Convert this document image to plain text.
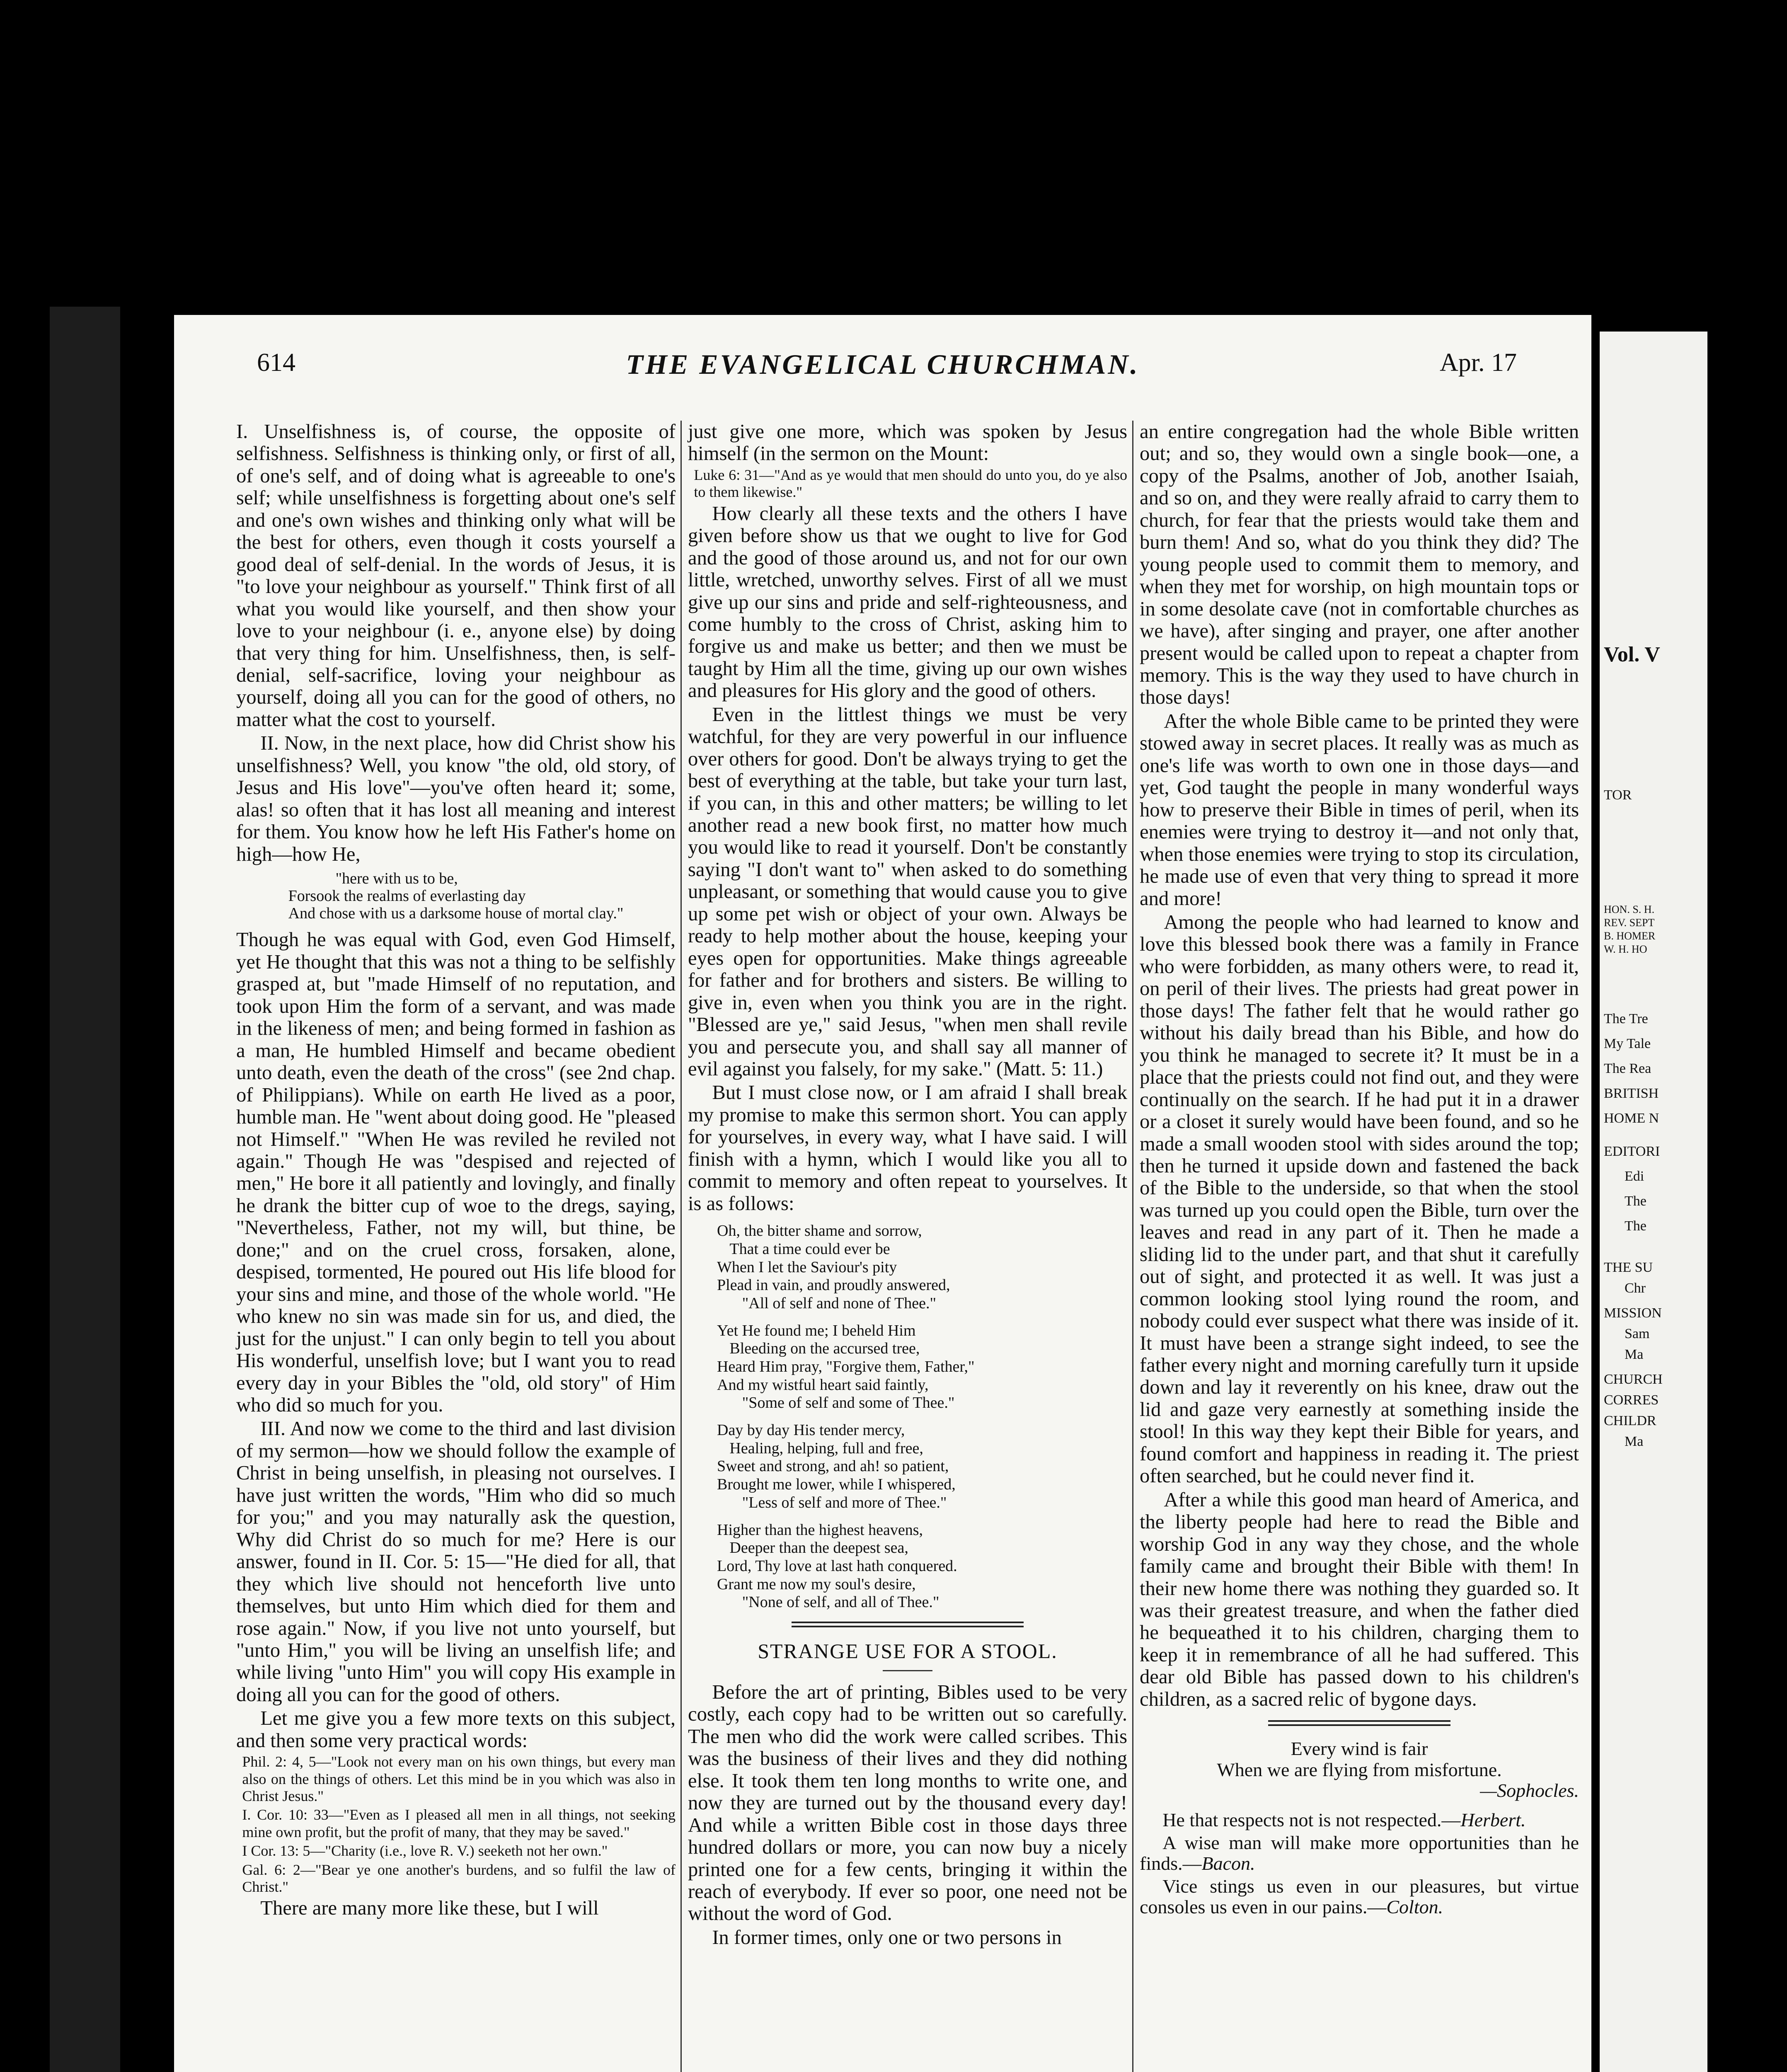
614	THE EVANGELICAL CHURCHMAN.	Apr. 17

I. Unselfishness is, of course, the opposite of selfishness. Selfishness is thinking only, or first of all, of one's self, and of doing what is agreeable to one's self; while unselfishness is forgetting about one's self and one's own wishes and thinking only what will be the best for others, even though it costs yourself a good deal of self-denial. In the words of Jesus, it is "to love your neighbour as yourself." Think first of all what you would like yourself, and then show your love to your neighbour (i. e., anyone else) by doing that very thing for him. Unselfishness, then, is self-denial, self-sacrifice, loving your neighbour as yourself, doing all you can for the good of others, no matter what the cost to yourself.

II. Now, in the next place, how did Christ show his unselfishness? Well, you know "the old, old story, of Jesus and His love"—you've often heard it; some, alas! so often that it has lost all meaning and interest for them. You know how he left His Father's home on high—how He,

"here with us to be,
Forsook the realms of everlasting day
And chose with us a darksome house of mortal clay."

Though he was equal with God, even God Himself, yet He thought that this was not a thing to be selfishly grasped at, but "made Himself of no reputation, and took upon Him the form of a servant, and was made in the likeness of men; and being formed in fashion as a man, He humbled Himself and became obedient unto death, even the death of the cross" (see 2nd chap. of Philippians). While on earth He lived as a poor, humble man. He "went about doing good. He "pleased not Himself." "When He was reviled he reviled not again." Though He was "despised and rejected of men," He bore it all patiently and lovingly, and finally he drank the bitter cup of woe to the dregs, saying, "Nevertheless, Father, not my will, but thine, be done;" and on the cruel cross, forsaken, alone, despised, tormented, He poured out His life blood for your sins and mine, and those of the whole world. "He who knew no sin was made sin for us, and died, the just for the unjust." I can only begin to tell you about His wonderful, unselfish love; but I want you to read every day in your Bibles the "old, old story" of Him who did so much for you.

III. And now we come to the third and last division of my sermon—how we should follow the example of Christ in being unselfish, in pleasing not ourselves. I have just written the words, "Him who did so much for you;" and you may naturally ask the question, Why did Christ do so much for me? Here is our answer, found in II. Cor. 5: 15—"He died for all, that they which live should not henceforth live unto themselves, but unto Him which died for them and rose again." Now, if you live not unto yourself, but "unto Him," you will be living an unselfish life; and while living "unto Him" you will copy His example in doing all you can for the good of others.

Let me give you a few more texts on this subject, and then some very practical words:

Phil. 2: 4, 5—"Look not every man on his own things, but every man also on the things of others. Let this mind be in you which was also in Christ Jesus."

I. Cor. 10: 33—"Even as I pleased all men in all things, not seeking mine own profit, but the profit of many, that they may be saved."

I Cor. 13: 5—"Charity (i.e., love R. V.) seeketh not her own."

Gal. 6: 2—"Bear ye one another's burdens, and so fulfil the law of Christ."

There are many more like these, but I will

just give one more, which was spoken by Jesus himself (in the sermon on the Mount:

Luke 6: 31—"And as ye would that men should do unto you, do ye also to them likewise."

How clearly all these texts and the others I have given before show us that we ought to live for God and the good of those around us, and not for our own little, wretched, unworthy selves. First of all we must give up our sins and pride and self-righteousness, and come humbly to the cross of Christ, asking him to forgive us and make us better; and then we must be taught by Him all the time, giving up our own wishes and pleasures for His glory and the good of others.

Even in the littlest things we must be very watchful, for they are very powerful in our influence over others for good. Don't be always trying to get the best of everything at the table, but take your turn last, if you can, in this and other matters; be willing to let another read a new book first, no matter how much you would like to read it yourself. Don't be constantly saying "I don't want to" when asked to do something unpleasant, or something that would cause you to give up some pet wish or object of your own. Always be ready to help mother about the house, keeping your eyes open for opportunities. Make things agreeable for father and for brothers and sisters. Be willing to give in, even when you think you are in the right. "Blessed are ye," said Jesus, "when men shall revile you and persecute you, and shall say all manner of evil against you falsely, for my sake." (Matt. 5: 11.)

But I must close now, or I am afraid I shall break my promise to make this sermon short. You can apply for yourselves, in every way, what I have said. I will finish with a hymn, which I would like you all to commit to memory and often repeat to yourselves. It is as follows:

Oh, the bitter shame and sorrow,
That a time could ever be
When I let the Saviour's pity
Plead in vain, and proudly answered,
"All of self and none of Thee."
Yet He found me; I beheld Him
Bleeding on the accursed tree,
Heard Him pray, "Forgive them, Father,"
And my wistful heart said faintly,
"Some of self and some of Thee."
Day by day His tender mercy,
Healing, helping, full and free,
Sweet and strong, and ah! so patient,
Brought me lower, while I whispered,
"Less of self and more of Thee."
Higher than the highest heavens,
Deeper than the deepest sea,
Lord, Thy love at last hath conquered.
Grant me now my soul's desire,
"None of self, and all of Thee."
STRANGE USE FOR A STOOL.

Before the art of printing, Bibles used to be very costly, each copy had to be written out so carefully. The men who did the work were called scribes. This was the business of their lives and they did nothing else. It took them ten long months to write one, and now they are turned out by the thousand every day! And while a written Bible cost in those days three hundred dollars or more, you can now buy a nicely printed one for a few cents, bringing it within the reach of everybody. If ever so poor, one need not be without the word of God.

In former times, only one or two persons in

an entire congregation had the whole Bible written out; and so, they would own a single book—one, a copy of the Psalms, another of Job, another Isaiah, and so on, and they were really afraid to carry them to church, for fear that the priests would take them and burn them! And so, what do you think they did? The young people used to commit them to memory, and when they met for worship, on high mountain tops or in some desolate cave (not in comfortable churches as we have), after singing and prayer, one after another present would be called upon to repeat a chapter from memory. This is the way they used to have church in those days!

After the whole Bible came to be printed they were stowed away in secret places. It really was as much as one's life was worth to own one in those days—and yet, God taught the people in many wonderful ways how to preserve their Bible in times of peril, when its enemies were trying to destroy it—and not only that, when those enemies were trying to stop its circulation, he made use of even that very thing to spread it more and more!

Among the people who had learned to know and love this blessed book there was a family in France who were forbidden, as many others were, to read it, on peril of their lives. The priests had great power in those days! The father felt that he would rather go without his daily bread than his Bible, and how do you think he managed to secrete it? It must be in a place that the priests could not find out, and they were continually on the search. If he had put it in a drawer or a closet it surely would have been found, and so he made a small wooden stool with sides around the top; then he turned it upside down and fastened the back of the Bible to the underside, so that when the stool was turned up you could open the Bible, turn over the leaves and read in any part of it. Then he made a sliding lid to the under part, and that shut it carefully out of sight, and protected it as well. It was just a common looking stool lying round the room, and nobody could ever suspect what there was inside of it. It must have been a strange sight indeed, to see the father every night and morning carefully turn it upside down and lay it reverently on his knee, draw out the lid and gaze very earnestly at something inside the stool! In this way they kept their Bible for years, and found comfort and happiness in reading it. The priest often searched, but he could never find it.

After a while this good man heard of America, and the liberty people had here to read the Bible and worship God in any way they chose, and the whole family came and brought their Bible with them! In their new home there was nothing they guarded so. It was their greatest treasure, and when the father died he bequeathed it to his children, charging them to keep it in remembrance of all he had suffered. This dear old Bible has passed down to his children's children, as a sacred relic of bygone days.

Every wind is fair
When we are flying from misfortune.
—Sophocles.

He that respects not is not respected.—Herbert.

A wise man will make more opportunities than he finds.—Bacon.

Vice stings us even in our pleasures, but virtue consoles us even in our pains.—Colton.

Vol. V
TOR
HON. S. H.
REV. SEPT
B. HOMER
W. H. HO
The Tre
My Tale
The Rea
BRITISH
HOME N
EDITORI
Edi
The
The
THE SU
Chr
MISSION
Sam
Ma
CHURCH
CORRES
CHILDR
Ma
